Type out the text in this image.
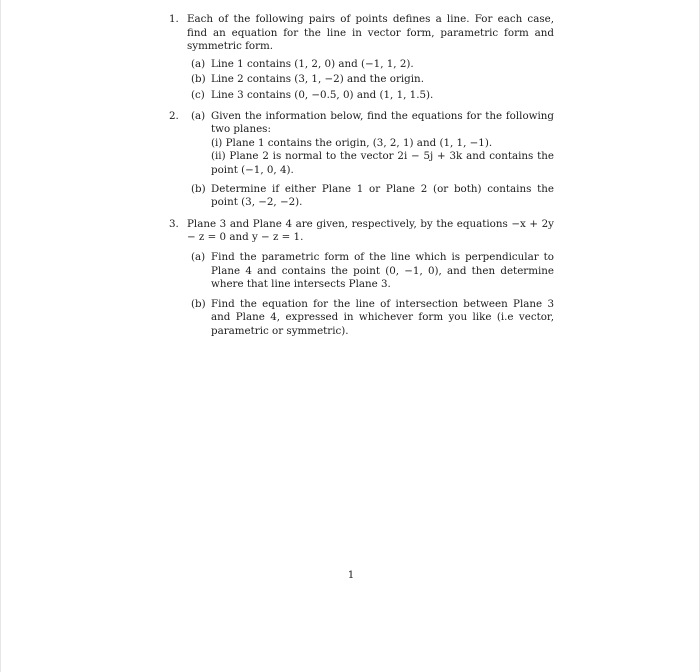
1. Each of the following pairs of points defines a line. For each case, find an equation for the line in vector form, parametric form and symmetric form.
(a) Line 1 contains (1, 2, 0) and (−1, 1, 2).
(b) Line 2 contains (3, 1, −2) and the origin.
(c) Line 3 contains (0, −0.5, 0) and (1, 1, 1.5).
2. (a) Given the information below, find the equations for the following two planes:
(i) Plane 1 contains the origin, (3, 2, 1) and (1, 1, −1).
(ii) Plane 2 is normal to the vector 2i − 5j + 3k and contains the point (−1, 0, 4).
(b) Determine if either Plane 1 or Plane 2 (or both) contains the point (3, −2, −2).
3. Plane 3 and Plane 4 are given, respectively, by the equations −x + 2y − z = 0 and y − z = 1.
(a) Find the parametric form of the line which is perpendicular to Plane 4 and contains the point (0, −1, 0), and then determine where that line intersects Plane 3.
(b) Find the equation for the line of intersection between Plane 3 and Plane 4, expressed in whichever form you like (i.e vector, parametric or symmetric).
1
